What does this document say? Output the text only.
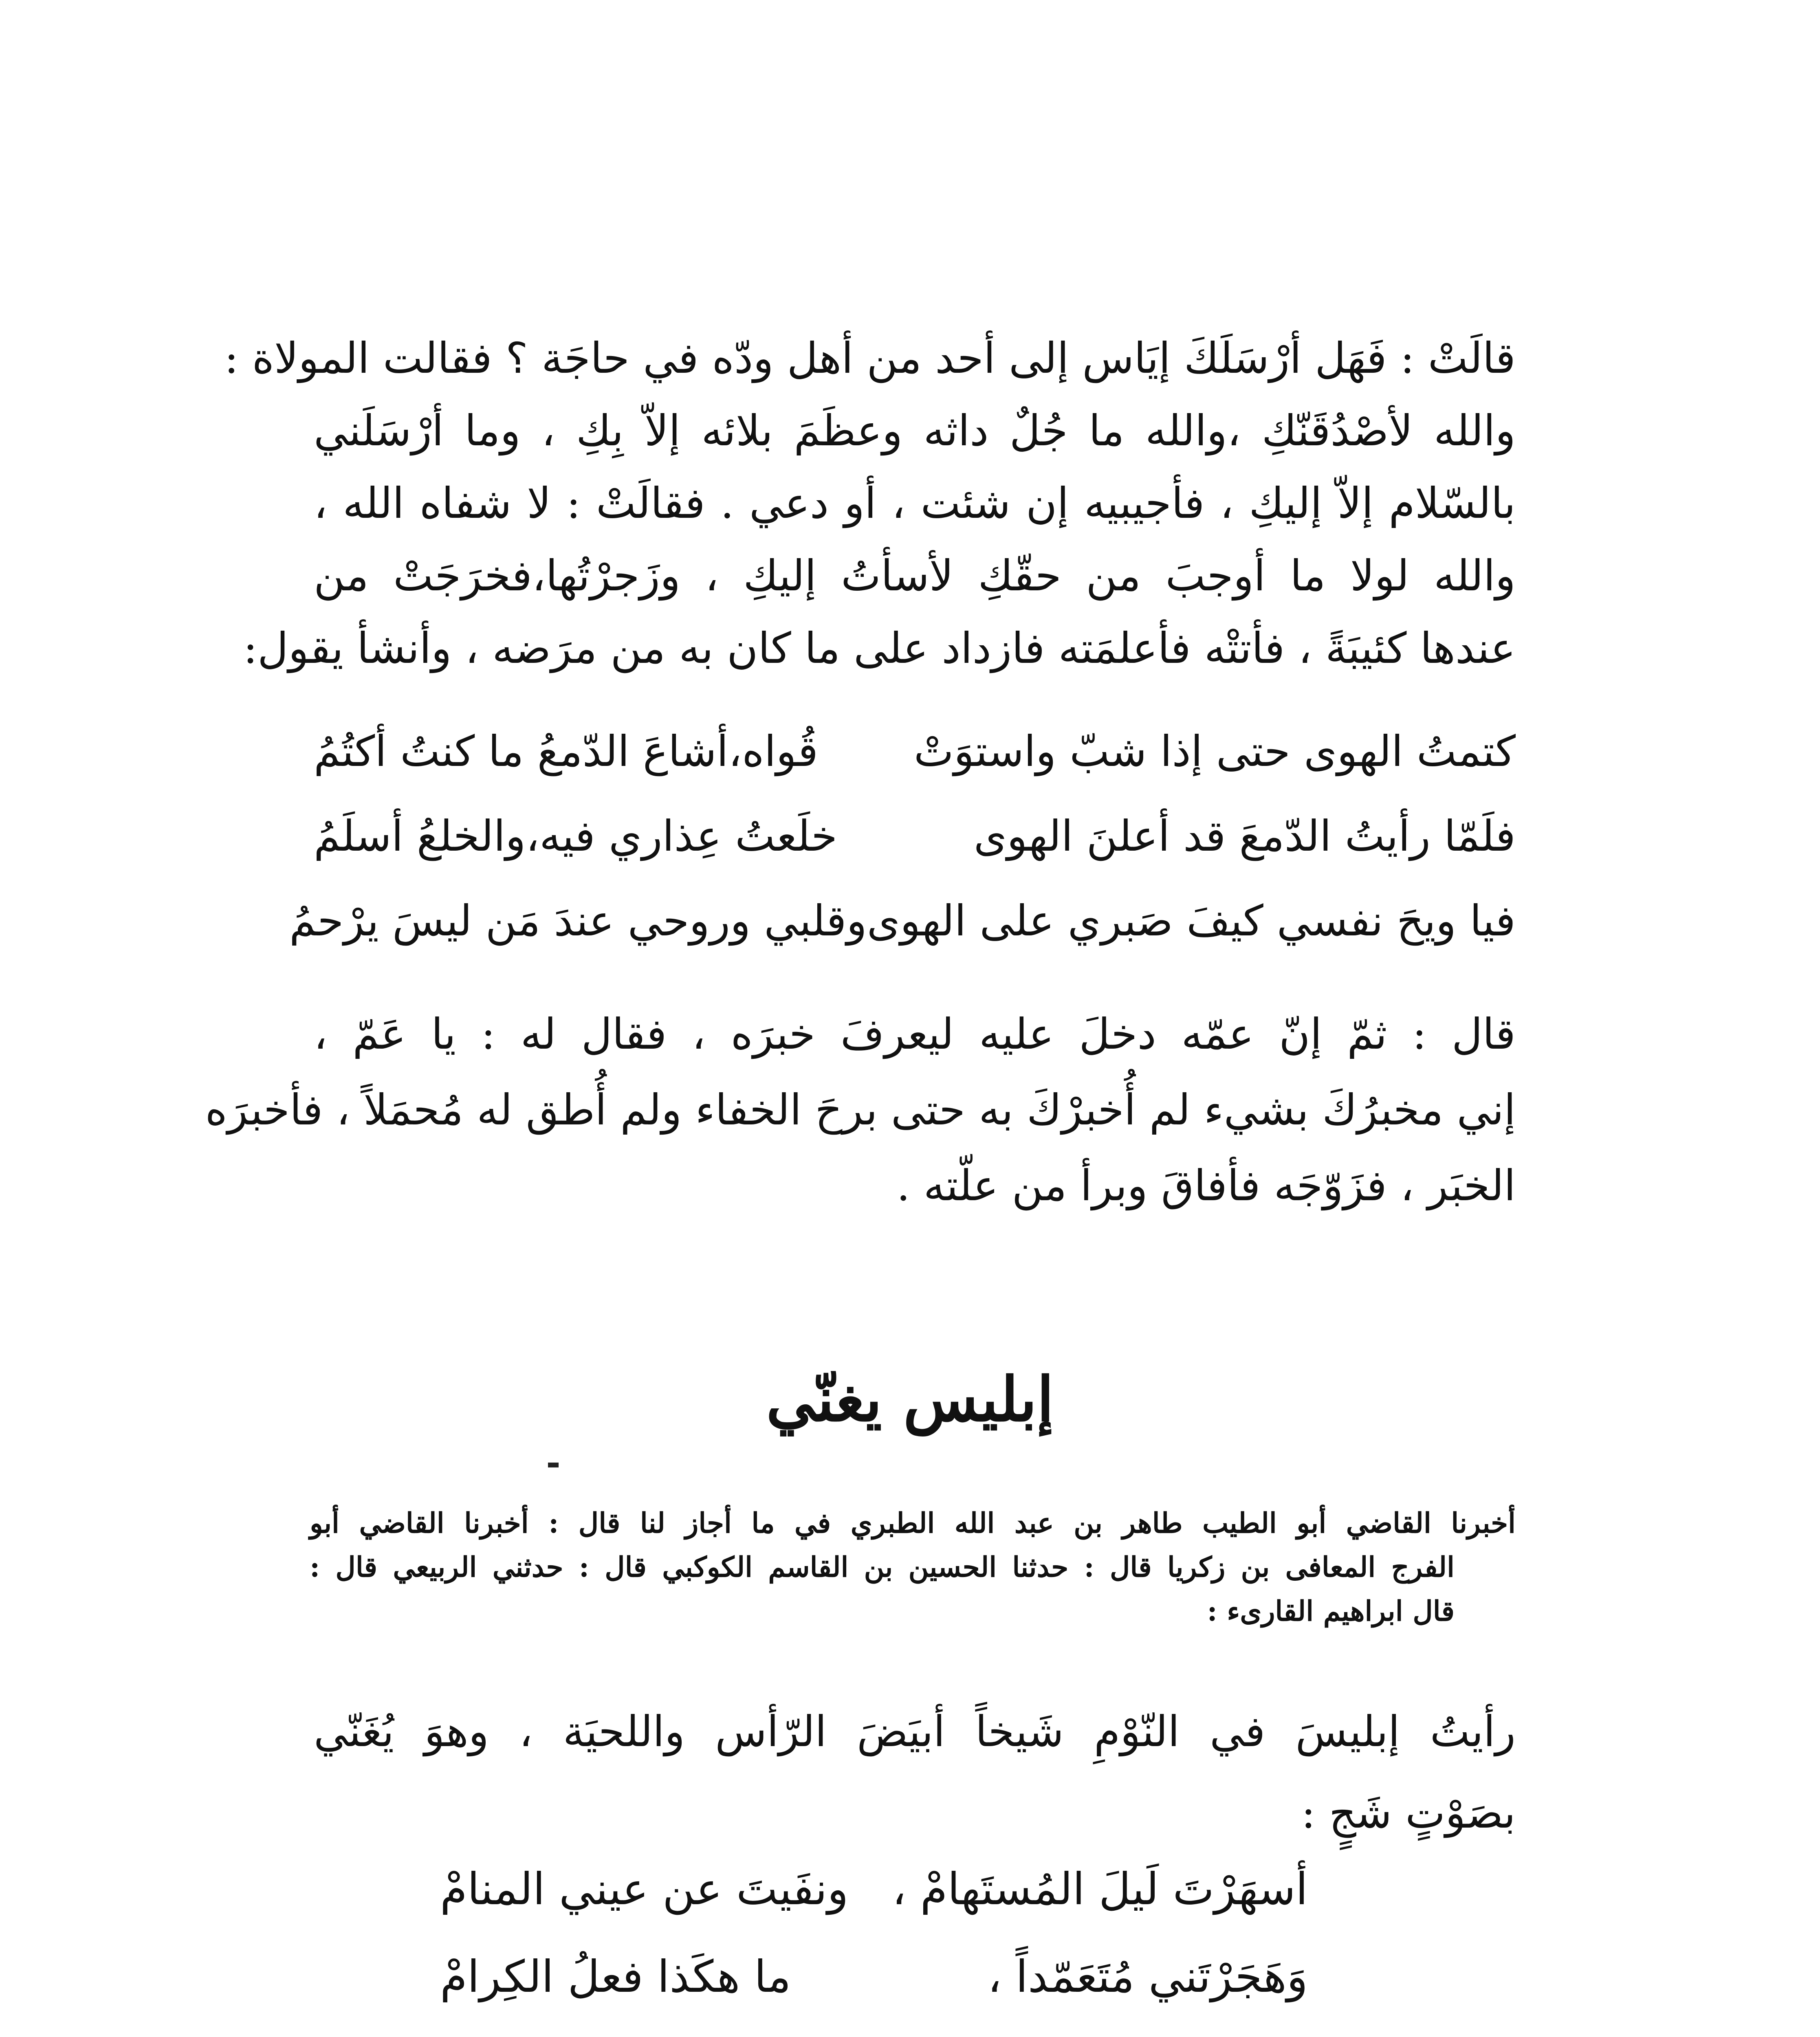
قالَتْ : فَهَل أرْسَلَكَ إيَاس إلى أحد من أهل ودّه في حاجَة ؟ فقالت المولاة :
والله لأصْدُقَنّكِ ،والله ما جُلٌ داثه وعظَمَ بلائه إلاّ بِكِ ، وما أرْسَلَني
بالسّلام إلاّ إليكِ ، فأجيبيه إن شئت ، أو دعي . فقالَتْ : لا شفاه الله ،
والله لولا ما أوجبَ من حقّكِ لأسأتُ إليكِ ، وزَجرْتُها،فخرَجَتْ من
عندها كئيبَةً ، فأتتْه فأعلمَته فازداد على ما كان به من مرَضه ، وأنشأ يقول:
كتمتُ الهوى حتى إذا شبّ واستوَتْ
قُواه،أشاعَ الدّمعُ ما كنتُ أكتُمُ
فلَمّا رأيتُ الدّمعَ قد أعلنَ الهوى
خلَعتُ عِذاري فيه،والخلعُ أسلَمُ
فيا ويحَ نفسي كيفَ صَبري على الهوى
وقلبي وروحي عندَ مَن ليسَ يرْحمُ
قال : ثمّ إنّ عمّه دخلَ عليه ليعرفَ خبرَه ، فقال له : يا عَمّ ،
إني مخبرُكَ بشيء لم أُخبرْكَ به حتى برحَ الخفاء ولم أُطق له مُحمَلاً ، فأخبرَه
الخبَر ، فزَوّجَه فأفاقَ وبرأ من علّته .
إبليس يغنّي
أخبرنا القاضي أبو الطيب طاهر بن عبد الله الطبري في ما أجاز لنا قال : أخبرنا القاضي أبو
الفرج المعافى بن زكريا قال : حدثنا الحسين بن القاسم الكوكبي قال : حدثني الربيعي قال :
قال ابراهيم القارىء :
رأيتُ إبليسَ في النّوْمِ شَيخاً أبيَضَ الرّأس واللحيَة ، وهوَ يُغَنّي
بصَوْتٍ شَجٍ :
أسهَرْتَ لَيلَ المُستَهامْ ،
ونفَيتَ عن عيني المنامْ
وَهَجَرْتَني مُتَعَمّداً ،
ما هكَذا فعلُ الكِرامْ
